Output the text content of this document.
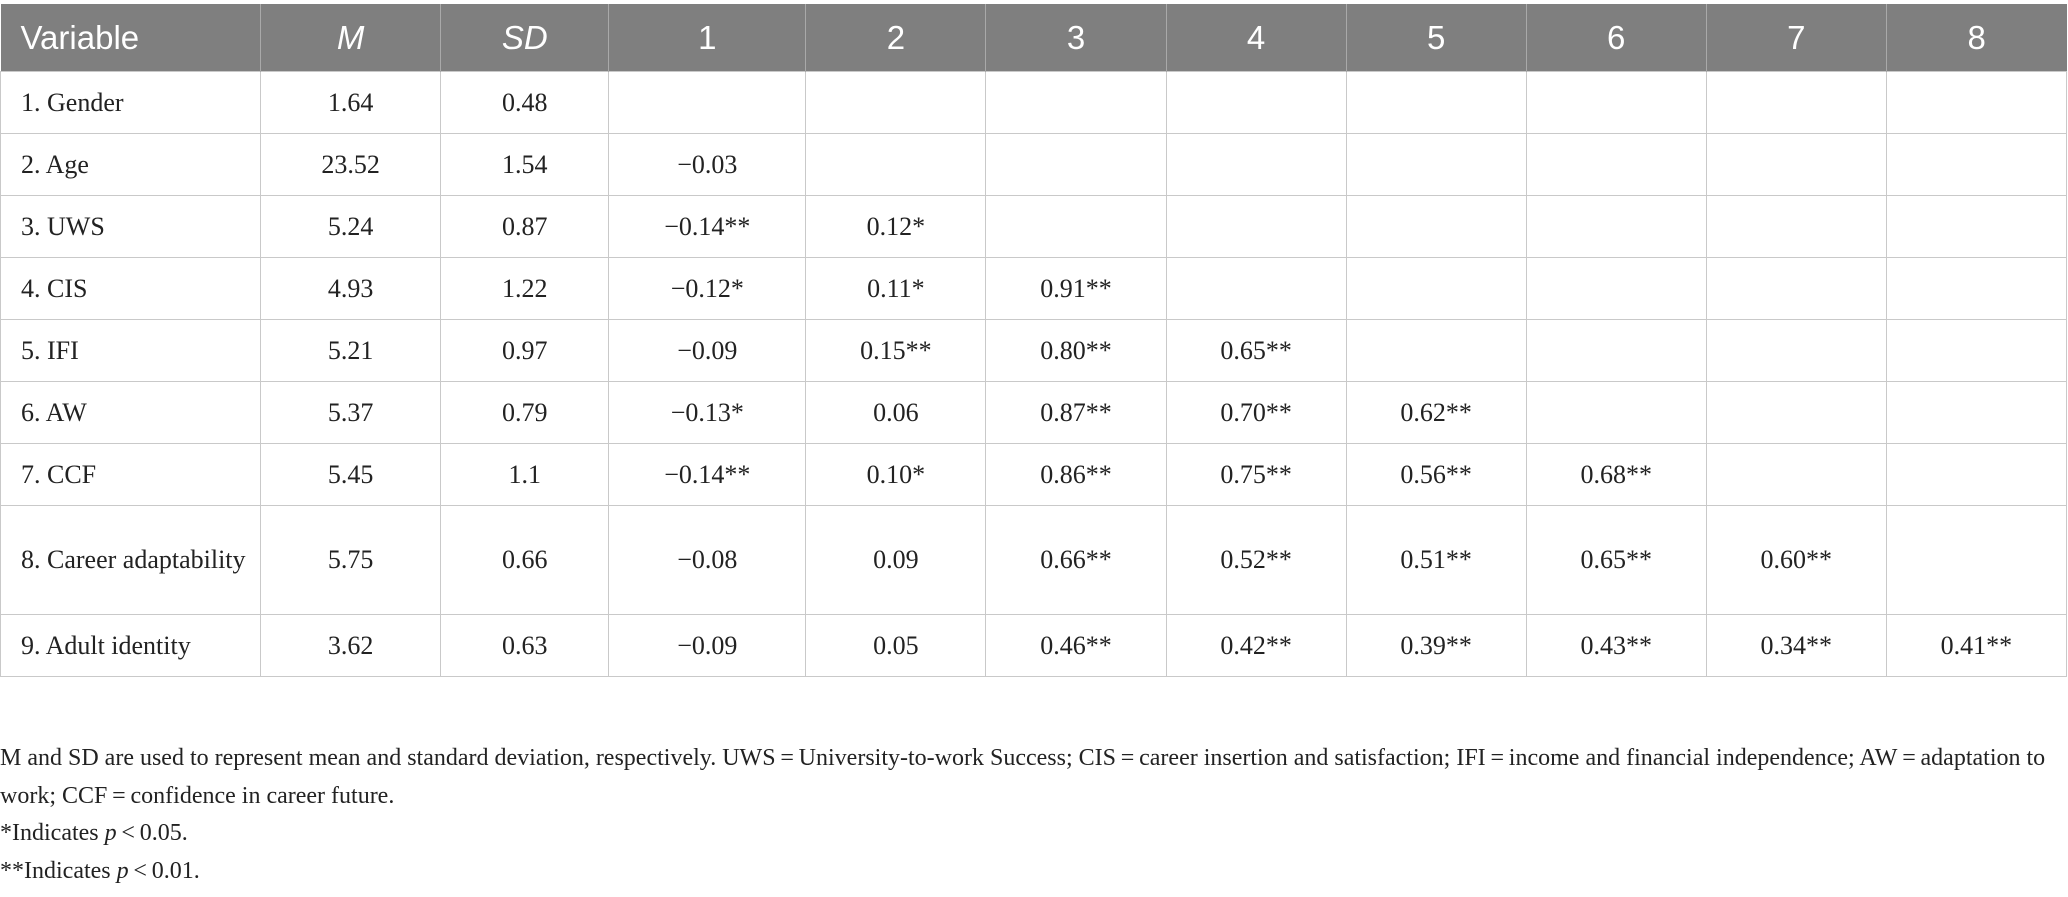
Variable	M	SD	1	2	3	4	5	6	7	8
1. Gender	1.64	0.48								
2. Age	23.52	1.54	−0.03							
3. UWS	5.24	0.87	−0.14**	0.12*						
4. CIS	4.93	1.22	−0.12*	0.11*	0.91**					
5. IFI	5.21	0.97	−0.09	0.15**	0.80**	0.65**				
6. AW	5.37	0.79	−0.13*	0.06	0.87**	0.70**	0.62**			
7. CCF	5.45	1.1	−0.14**	0.10*	0.86**	0.75**	0.56**	0.68**		
8. Career adaptability	5.75	0.66	−0.08	0.09	0.66**	0.52**	0.51**	0.65**	0.60**	
9. Adult identity	3.62	0.63	−0.09	0.05	0.46**	0.42**	0.39**	0.43**	0.34**	0.41**

M and SD are used to represent mean and standard deviation, respectively. UWS = University-to-work Success; CIS = career insertion and satisfaction; IFI = income and financial independence; AW = adaptation to work; CCF = confidence in career future.

*Indicates p < 0.05.

**Indicates p < 0.01.
